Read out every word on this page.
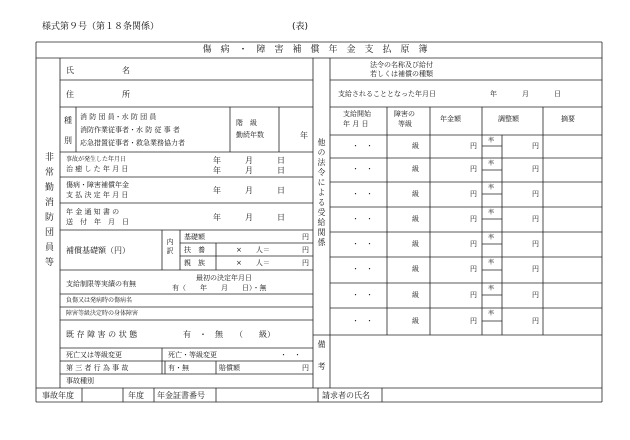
様式第９号（第１８条関係）	(表)
傷　病　・　障　害　補　償　年　金　支　払　原　簿
非常勤消防団員等	他の法令による受給関係
備考
氏　　　　　　名
住　　　　　　所
種
別
消 防 団 員・水 防 団 員
消防作業従事者・水 防 従 事 者
応急措置従事者・救急業務協力者
階　級
勤続年数	年
事故が発生した年月日
治 癒 し た 年 月 日
年　　　月　　　日
年　　　月　　　日
傷病・障害補償年金
支 払 決 定 年 月 日	年　　　月　　　日
年 金 通 知 書 の
送　付　年　月　日	年　　　月　　　日
補償基礎額（円）	内訳
基礎額	円
扶　養	×　　人＝	円
親　族	×　　人＝	円
支給制限等実績の有無
最初の決定年月日
有（　　年　　月　　日）・無
負傷又は発病時の傷病名
障害等級決定時の身体障害
既 存 障 害 の 状 態	有　・　無　　（　　級）
死亡又は等級変更	死亡・等級変更	・　・
第 三 者 行 為 事 故	有・無	賠償額	円
事故種別
法令の名称及び給付
若しくは補償の種類
支給されることとなった年月日	年	月	日
支給開始
年 月 日
障害の
等級
年金額	調整額	摘要
・　・	級	円	円
率
・　・	級	円	円
率
・　・	級	円	円
率
・　・	級	円	円
率
・　・	級	円	円
率
・　・	級	円	円
率
・　・	級	円	円
率
・　・	級	円	円
率
事故年度	年度 年金証書番号	請求者の氏名
